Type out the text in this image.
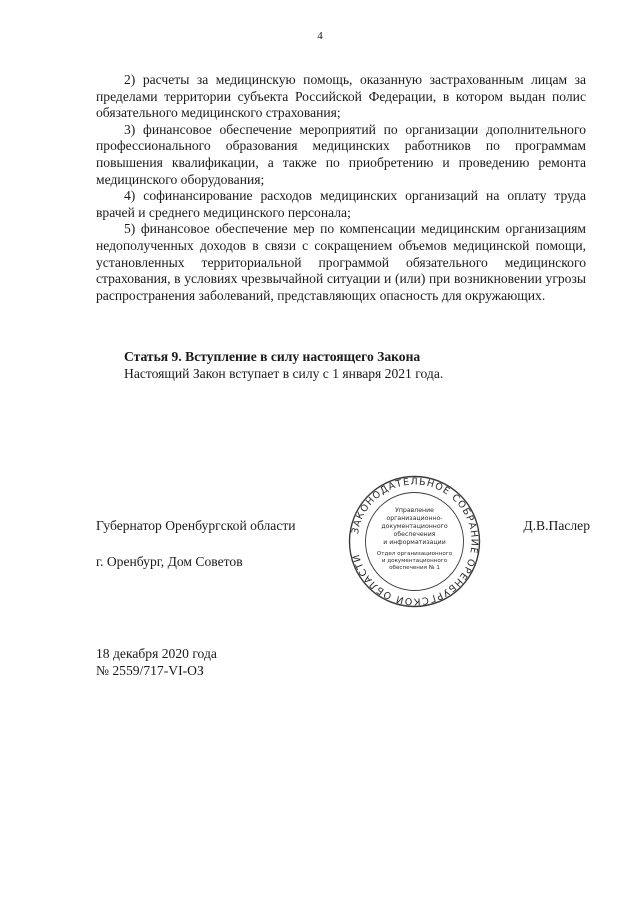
4

2) расчеты за медицинскую помощь, оказанную застрахованным лицам за пределами территории субъекта Российской Федерации, в котором выдан полис обязательного медицинского страхования;

3) финансовое обеспечение мероприятий по организации дополнительного профессионального образования медицинских работников по программам повышения квалификации, а также по приобретению и проведению ремонта медицинского оборудования;

4) софинансирование расходов медицинских организаций на оплату труда врачей и среднего медицинского персонала;

5) финансовое обеспечение мер по компенсации медицинским организациям недополученных доходов в связи с сокращением объемов медицинской помощи, установленных территориальной программой обязательного медицинского страхования, в условиях чрезвычайной ситуации и (или) при возникновении угрозы распространения заболеваний, представляющих опасность для окружающих.

Статья 9. Вступление в силу настоящего Закона

Настоящий Закон вступает в силу с 1 января 2021 года.

Губернатор Оренбургской области	Д.В.Паслер
г. Оренбург, Дом Советов
ЗАКОНОДАТЕЛЬНОЕ СОБРАНИЕ ОРЕНБУРГСКОЙ ОБЛАСТИ
Управление
организационно-
документационного
обеспечения
и информатизации
Отдел организационного
и документационного
обеспечения № 1
18 декабря 2020 года
№ 2559/717-VI-ОЗ
